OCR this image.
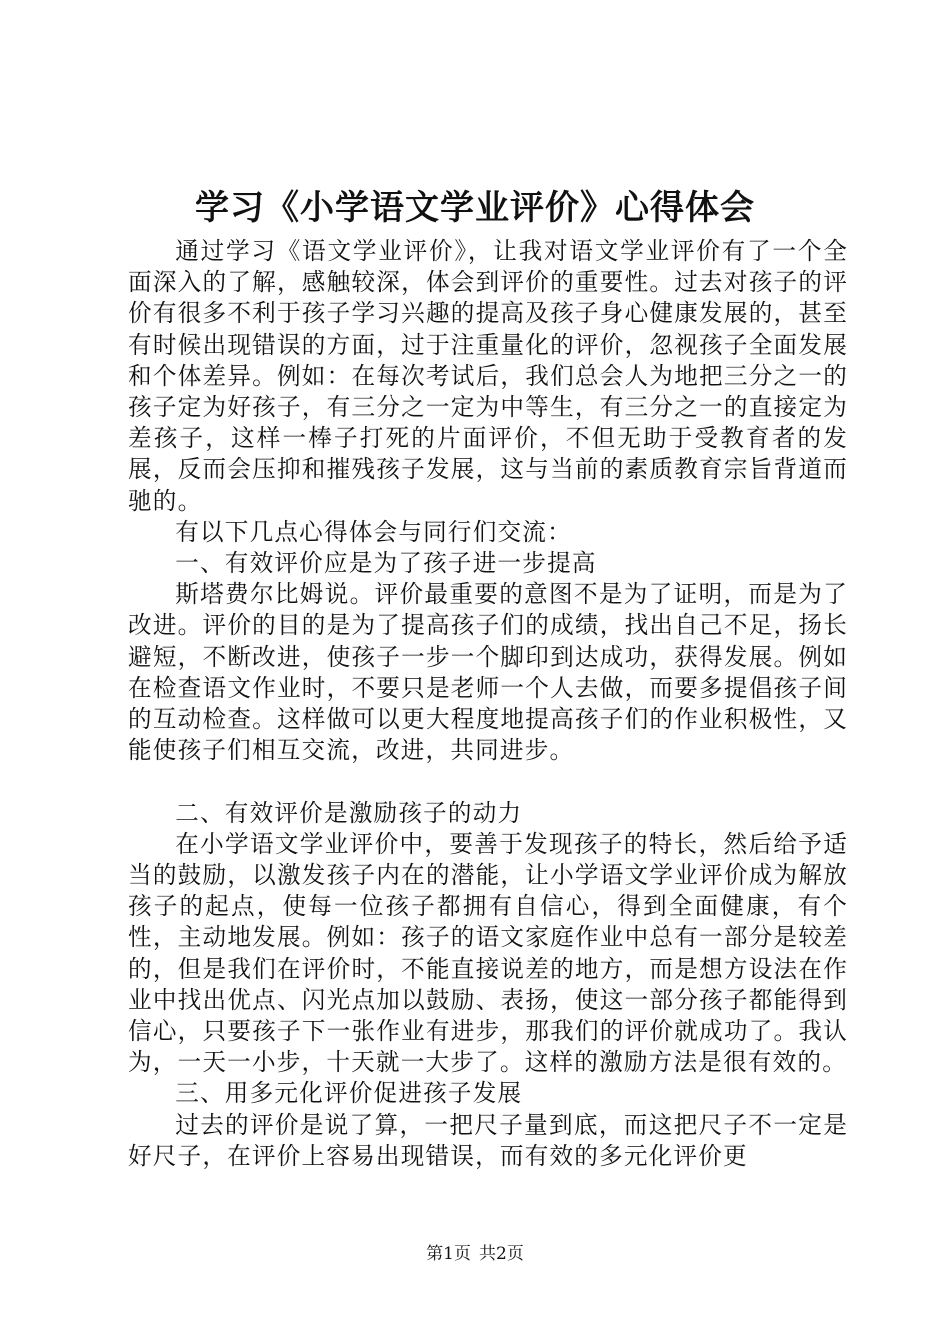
学习《小学语文学业评价》心得体会

通过学习《语文学业评价》，让我对语文学业评价有了一个全面深入的了解，感触较深，体会到评价的重要性。过去对孩子的评价有很多不利于孩子学习兴趣的提高及孩子身心健康发展的，甚至有时候出现错误的方面，过于注重量化的评价，忽视孩子全面发展和个体差异。例如：在每次考试后，我们总会人为地把三分之一的孩子定为好孩子，有三分之一定为中等生，有三分之一的直接定为差孩子，这样一棒子打死的片面评价，不但无助于受教育者的发展，反而会压抑和摧残孩子发展，这与当前的素质教育宗旨背道而驰的。

有以下几点心得体会与同行们交流：

一、有效评价应是为了孩子进一步提高

斯塔费尔比姆说。评价最重要的意图不是为了证明，而是为了改进。评价的目的是为了提高孩子们的成绩，找出自己不足，扬长避短，不断改进，使孩子一步一个脚印到达成功，获得发展。例如在检查语文作业时，不要只是老师一个人去做，而要多提倡孩子间的互动检查。这样做可以更大程度地提高孩子们的作业积极性，又能使孩子们相互交流，改进，共同进步。

二、有效评价是激励孩子的动力

在小学语文学业评价中，要善于发现孩子的特长，然后给予适当的鼓励，以激发孩子内在的潜能，让小学语文学业评价成为解放孩子的起点，使每一位孩子都拥有自信心，得到全面健康，有个性，主动地发展。例如：孩子的语文家庭作业中总有一部分是较差的，但是我们在评价时，不能直接说差的地方，而是想方设法在作业中找出优点、闪光点加以鼓励、表扬，使这一部分孩子都能得到信心，只要孩子下一张作业有进步，那我们的评价就成功了。我认为，一天一小步，十天就一大步了。这样的激励方法是很有效的。

三、用多元化评价促进孩子发展

过去的评价是说了算，一把尺子量到底，而这把尺子不一定是好尺子，在评价上容易出现错误，而有效的多元化评价更

第1页 共2页
